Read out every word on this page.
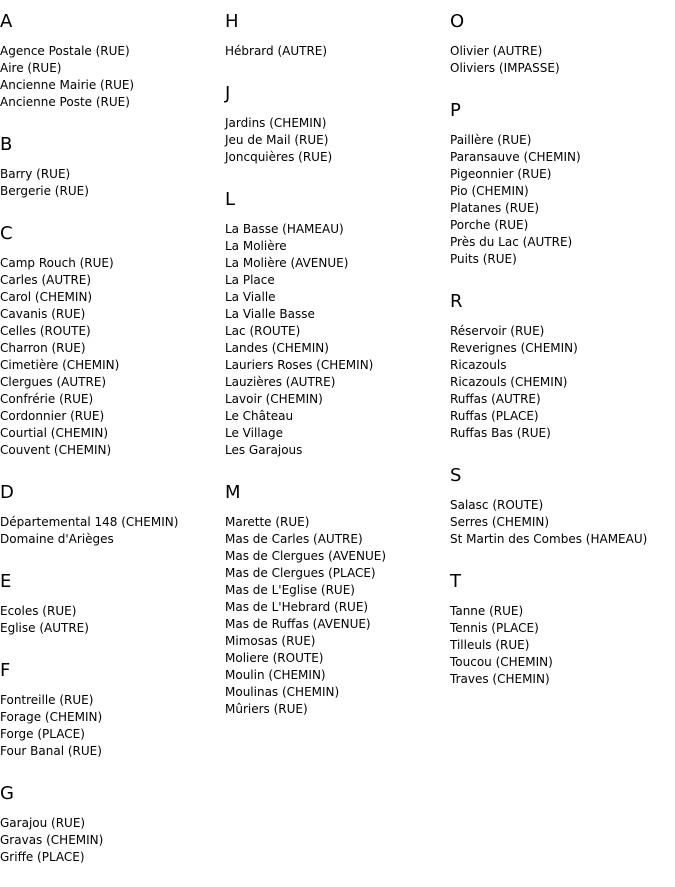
A
Agence Postale (RUE)
Aire (RUE)
Ancienne Mairie (RUE)
Ancienne Poste (RUE)
B
Barry (RUE)
Bergerie (RUE)
C
Camp Rouch (RUE)
Carles (AUTRE)
Carol (CHEMIN)
Cavanis (RUE)
Celles (ROUTE)
Charron (RUE)
Cimetière (CHEMIN)
Clergues (AUTRE)
Confrérie (RUE)
Cordonnier (RUE)
Courtial (CHEMIN)
Couvent (CHEMIN)
D
Départemental 148 (CHEMIN)
Domaine d'Arièges
E
Ecoles (RUE)
Eglise (AUTRE)
F
Fontreille (RUE)
Forage (CHEMIN)
Forge (PLACE)
Four Banal (RUE)
G
Garajou (RUE)
Gravas (CHEMIN)
Griffe (PLACE)
H
Hébrard (AUTRE)
J
Jardins (CHEMIN)
Jeu de Mail (RUE)
Joncquières (RUE)
L
La Basse (HAMEAU)
La Molière
La Molière (AVENUE)
La Place
La Vialle
La Vialle Basse
Lac (ROUTE)
Landes (CHEMIN)
Lauriers Roses (CHEMIN)
Lauzières (AUTRE)
Lavoir (CHEMIN)
Le Château
Le Village
Les Garajous
M
Marette (RUE)
Mas de Carles (AUTRE)
Mas de Clergues (AVENUE)
Mas de Clergues (PLACE)
Mas de L'Eglise (RUE)
Mas de L'Hebrard (RUE)
Mas de Ruffas (AVENUE)
Mimosas (RUE)
Moliere (ROUTE)
Moulin (CHEMIN)
Moulinas (CHEMIN)
Mûriers (RUE)
O
Olivier (AUTRE)
Oliviers (IMPASSE)
P
Paillère (RUE)
Paransauve (CHEMIN)
Pigeonnier (RUE)
Pio (CHEMIN)
Platanes (RUE)
Porche (RUE)
Près du Lac (AUTRE)
Puits (RUE)
R
Réservoir (RUE)
Reverignes (CHEMIN)
Ricazouls
Ricazouls (CHEMIN)
Ruffas (AUTRE)
Ruffas (PLACE)
Ruffas Bas (RUE)
S
Salasc (ROUTE)
Serres (CHEMIN)
St Martin des Combes (HAMEAU)
T
Tanne (RUE)
Tennis (PLACE)
Tilleuls (RUE)
Toucou (CHEMIN)
Traves (CHEMIN)
